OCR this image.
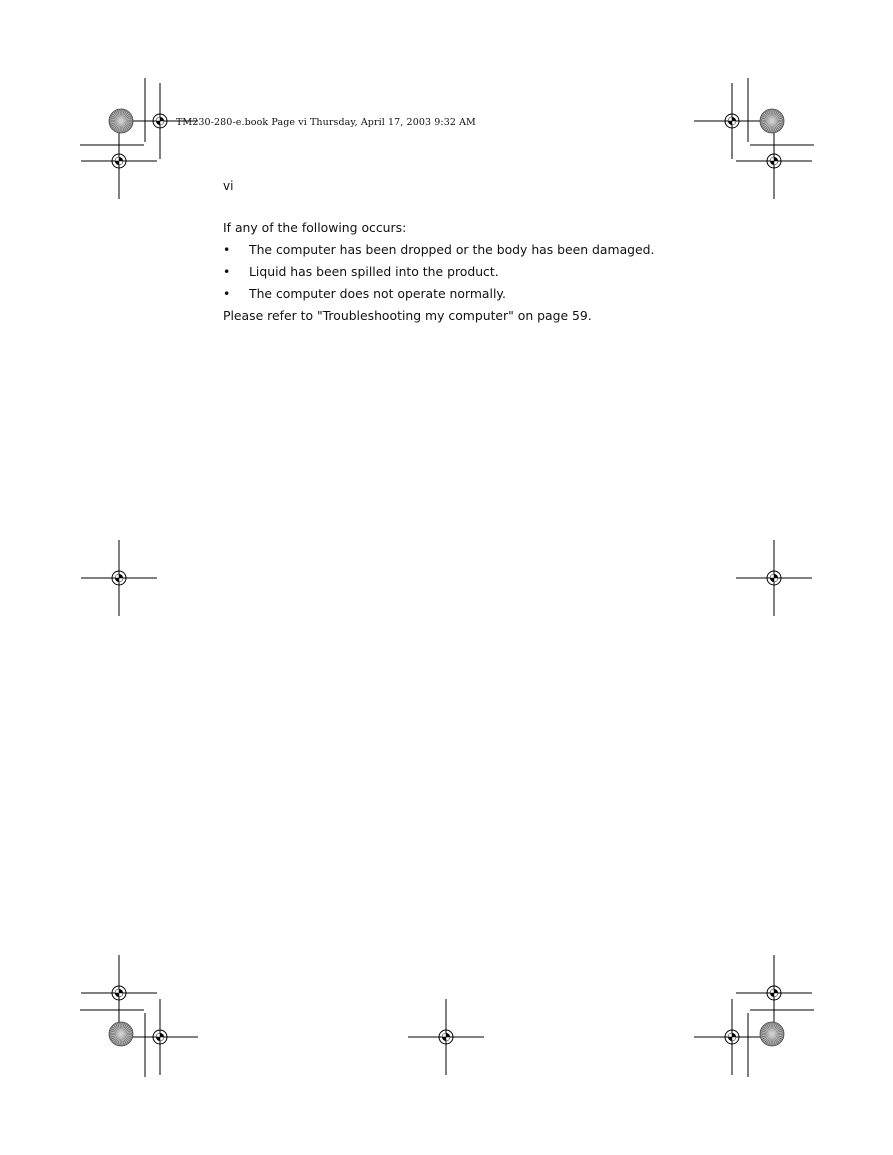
TM230-280-e.book Page vi Thursday, April 17, 2003 9:32 AM
vi

If any of the following occurs:

• The computer has been dropped or the body has been damaged.
• Liquid has been spilled into the product.
• The computer does not operate normally.

Please refer to "Troubleshooting my computer" on page 59.
